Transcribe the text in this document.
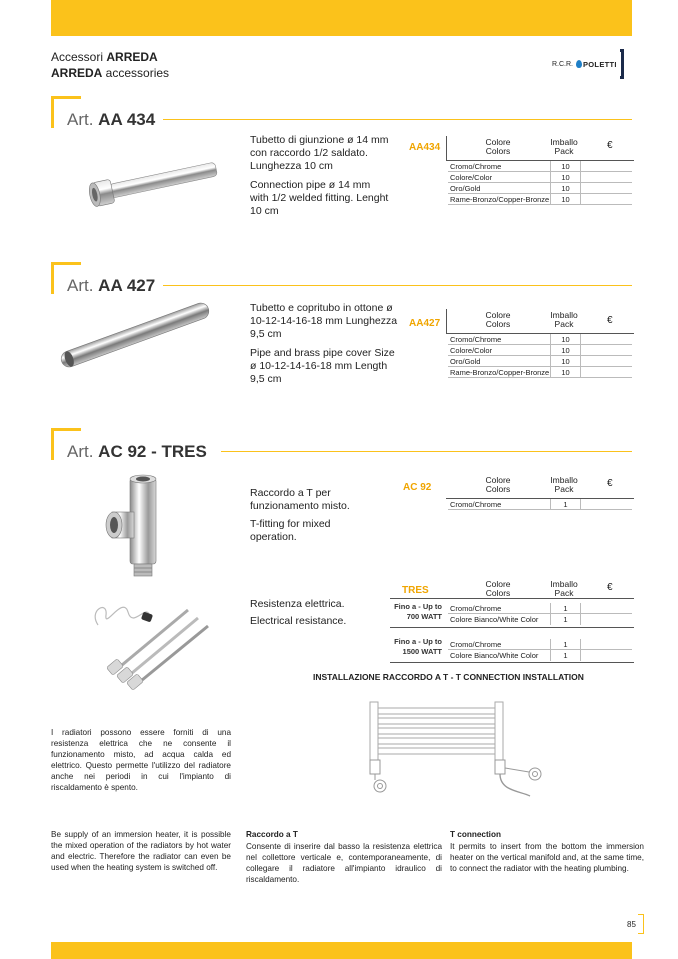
Accessori ARREDA
ARREDA accessories
R.C.R. POLETTI
Art. AA 434
Tubetto di giunzione ø 14 mm con raccordo 1/2 saldato. Lunghezza 10 cm
Connection pipe ø 14 mm with 1/2 welded fitting. Lenght 10 cm
AA434	Colore
Colors
Imballo
Pack	€
Cromo/Chrome	10
Colore/Color	10
Oro/Gold	10
Rame-Bronzo/Copper-Bronze	10
Art. AA 427
Tubetto e copritubo in ottone ø 10-12-14-16-18 mm Lunghezza 9,5 cm
Pipe and brass pipe cover Size ø 10-12-14-16-18 mm Length 9,5 cm
AA427
Colore
Colors
Imballo
Pack	€
Cromo/Chrome	10
Colore/Color	10
Oro/Gold	10
Rame-Bronzo/Copper-Bronze	10
Art. AC 92 - TRES
Raccordo a T per funzionamento misto.
T-fitting for mixed operation.
AC 92
Colore
Colors
Imballo
Pack	€
Cromo/Chrome	1
Resistenza elettrica.
Electrical resistance.
TRES
Colore
Colors
Imballo
Pack	€
Fino a - Up to
700 WATT
Cromo/Chrome	1
Colore Bianco/White Color	1
Fino a - Up to
1500 WATT
Cromo/Chrome	1
Colore Bianco/White Color	1
INSTALLAZIONE RACCORDO A T - T CONNECTION INSTALLATION
I radiatori possono essere forniti di una resistenza elettrica che ne consente il funzionamento misto, ad acqua calda ed elettrico. Questo permette l'utilizzo del radiatore anche nei periodi in cui l'impianto di riscaldamento è spento.
Be supply of an immersion heater, it is possible the mixed operation of the radiators by hot water and electric. Therefore the radiator can even be used when the heating system is switched off.
Raccordo a T
Consente di inserire dal basso la resistenza elettrica nel collettore verticale e, contemporaneamente, di collegare il radiatore all'impianto idraulico di riscaldamento.
T connection
It permits to insert from the bottom the immersion heater on the vertical manifold and, at the same time, to connect the radiator with the heating plumbing.
85
